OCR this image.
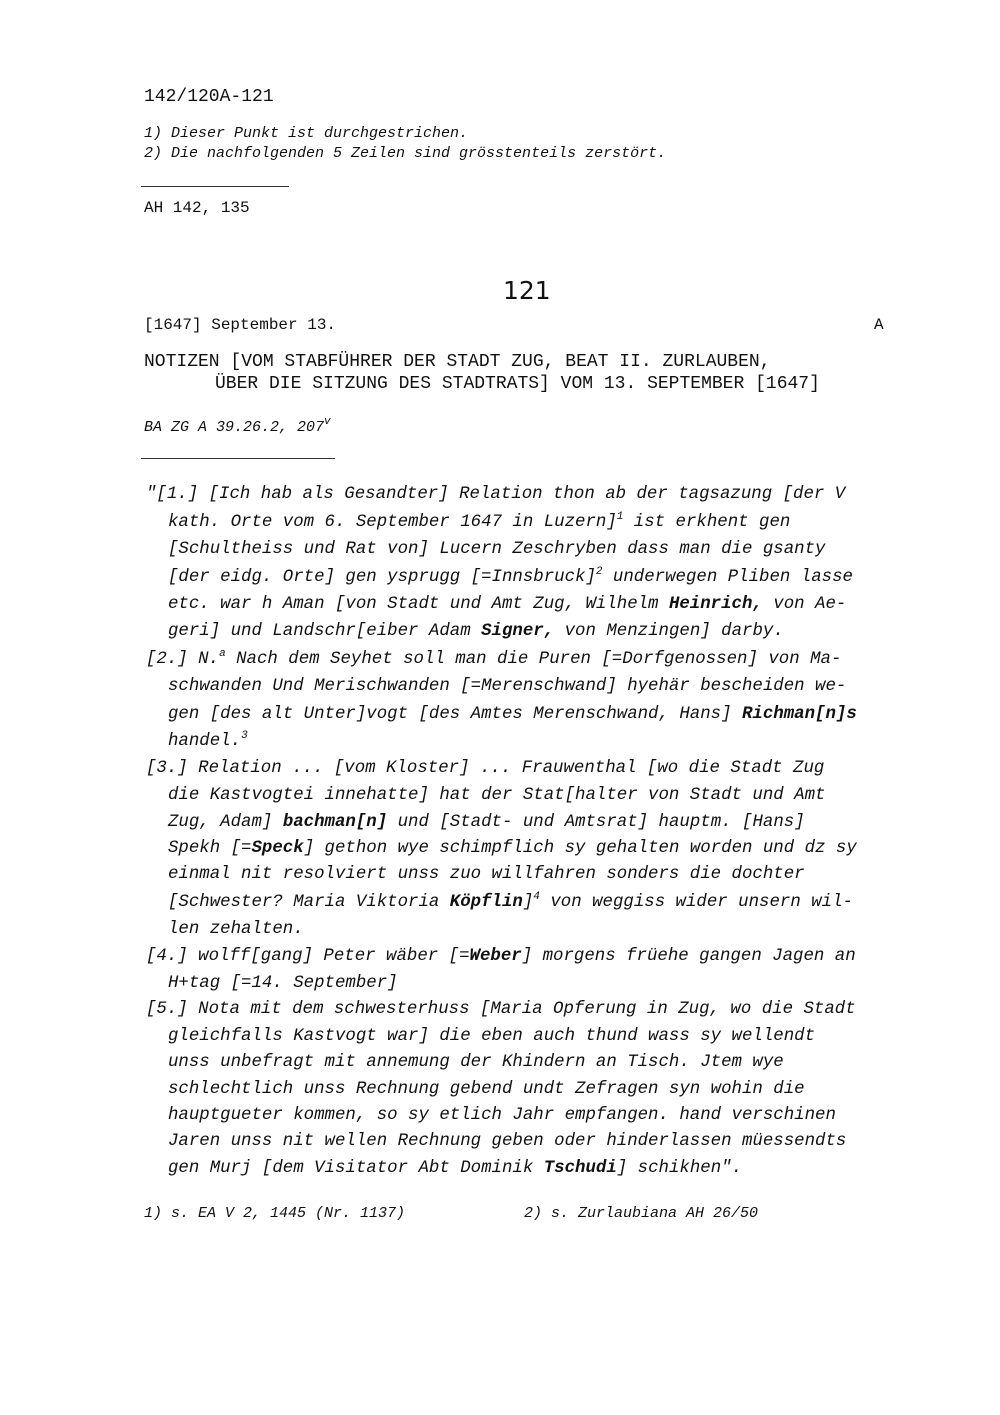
142/120A-121
1) Dieser Punkt ist durchgestrichen.
2) Die nachfolgenden 5 Zeilen sind grösstenteils zerstört.
AH 142, 135
121
[1647] September 13.	A
NOTIZEN [VOM STABFÜHRER DER STADT ZUG, BEAT II. ZURLAUBEN,
ÜBER DIE SITZUNG DES STADTRATS] VOM 13. SEPTEMBER [1647]
BA ZG A 39.26.2, 207$^v$
"[1.] [Ich hab als Gesandter] Relation thon ab der tagsazung [der V
kath. Orte vom 6. September 1647 in Luzern]$^1$ ist erkhent gen
[Schultheiss und Rat von] Lucern Zeschryben dass man die gsanty
[der eidg. Orte] gen ysprugg [=Innsbruck]$^2$ underwegen Pliben lasse
etc. war h Aman [von Stadt und Amt Zug, Wilhelm Heinrich, von Ae-
geri] und Landschr[eiber Adam Signer, von Menzingen] darby.
[2.] N.$^a$ Nach dem Seyhet soll man die Puren [=Dorfgenossen] von Ma-
schwanden Und Merischwanden [=Merenschwand] hyehär bescheiden we-
gen [des alt Unter]vogt [des Amtes Merenschwand, Hans] Richman[n]s
handel.$^3$
[3.] Relation ... [vom Kloster] ... Frauwenthal [wo die Stadt Zug
die Kastvogtei innehatte] hat der Stat[halter von Stadt und Amt
Zug, Adam] bachman[n] und [Stadt- und Amtsrat] hauptm. [Hans]
Spekh [=Speck] gethon wye schimpflich sy gehalten worden und dz sy
einmal nit resolviert unss zuo willfahren sonders die dochter
[Schwester? Maria Viktoria Köpflin]$^4$ von weggiss wider unsern wil-
len zehalten.
[4.] wolff[gang] Peter wäber [=Weber] morgens früehe gangen Jagen an
H+tag [=14. September]
[5.] Nota mit dem schwesterhuss [Maria Opferung in Zug, wo die Stadt
gleichfalls Kastvogt war] die eben auch thund wass sy wellendt
unss unbefragt mit annemung der Khindern an Tisch. Jtem wye
schlechtlich unss Rechnung gebend undt Zefragen syn wohin die
hauptgueter kommen, so sy etlich Jahr empfangen. hand verschinen
Jaren unss nit wellen Rechnung geben oder hinderlassen müessendts
gen Murj [dem Visitator Abt Dominik Tschudi] schikhen".
1) s. EA V 2, 1445 (Nr. 1137)	2) s. Zurlaubiana AH 26/50
